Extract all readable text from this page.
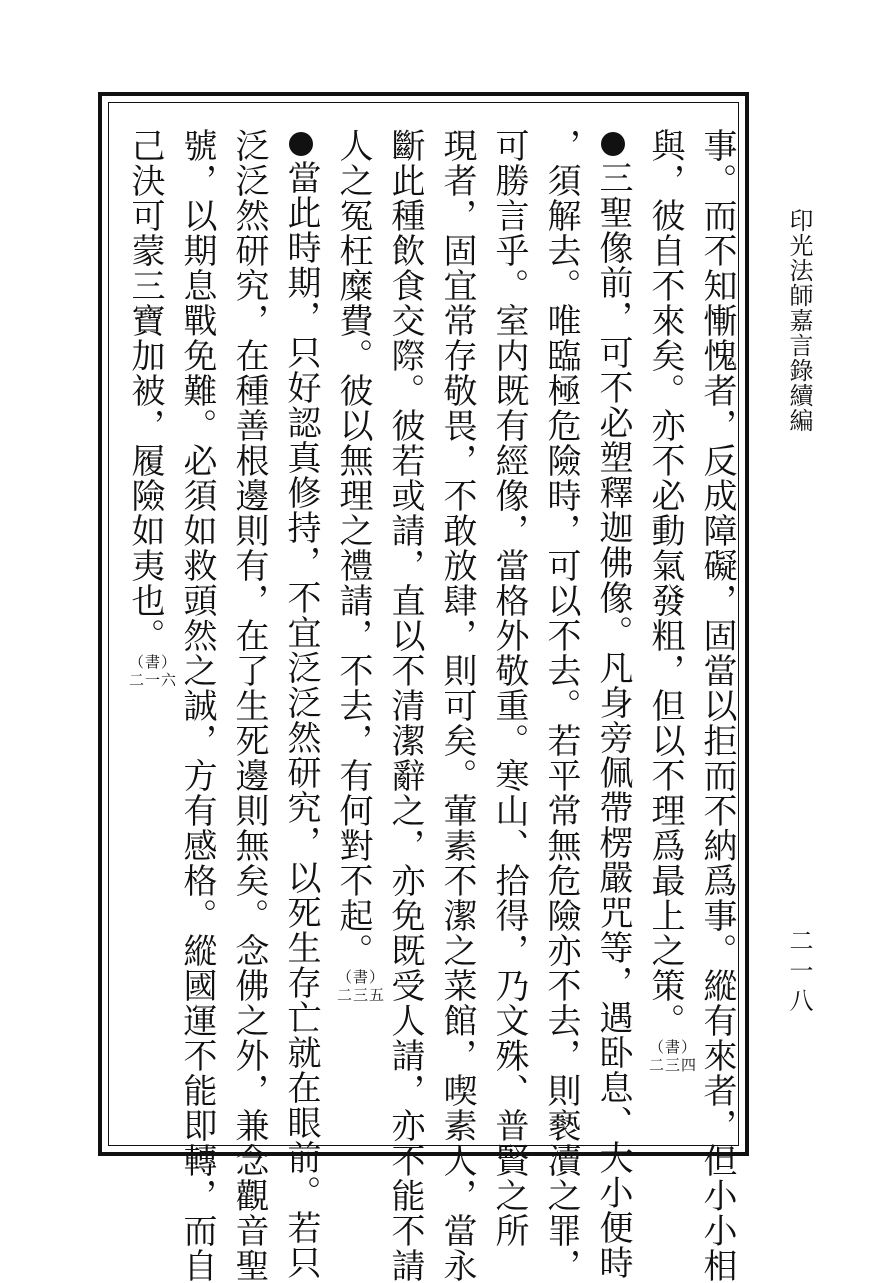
印光法師嘉言錄續編
二一八
事。而不知慚愧者，反成障礙，固當以拒而不納爲事。縱有來者，但小小相
與，彼自不來矣。亦不必動氣發粗，但以不理爲最上之策。
（書）
二三四
三聖像前，可不必塑釋迦佛像。凡身旁佩帶楞嚴咒等，遇卧息、大小便時
，須解去。唯臨極危險時，可以不去。若平常無危險亦不去，則褻瀆之罪，
可勝言乎。室内既有經像，當格外敬重。寒山、拾得，乃文殊、普賢之所
現者，固宜常存敬畏，不敢放肆，則可矣。葷素不潔之菜館，喫素人，當永
斷此種飲食交際。彼若或請，直以不清潔辭之，亦免既受人請，亦不能不請
人之冤枉糜費。彼以無理之禮請，不去，有何對不起。
（書）
二三五
當此時期，只好認真修持，不宜泛泛然研究，以死生存亡就在眼前。若只
泛泛然研究，在種善根邊則有，在了生死邊則無矣。念佛之外，兼念觀音聖
號，以期息戰免難。必須如救頭然之誠，方有感格。縱國運不能即轉，而自
己決可蒙三寶加被，履險如夷也。
（書）
二一六
